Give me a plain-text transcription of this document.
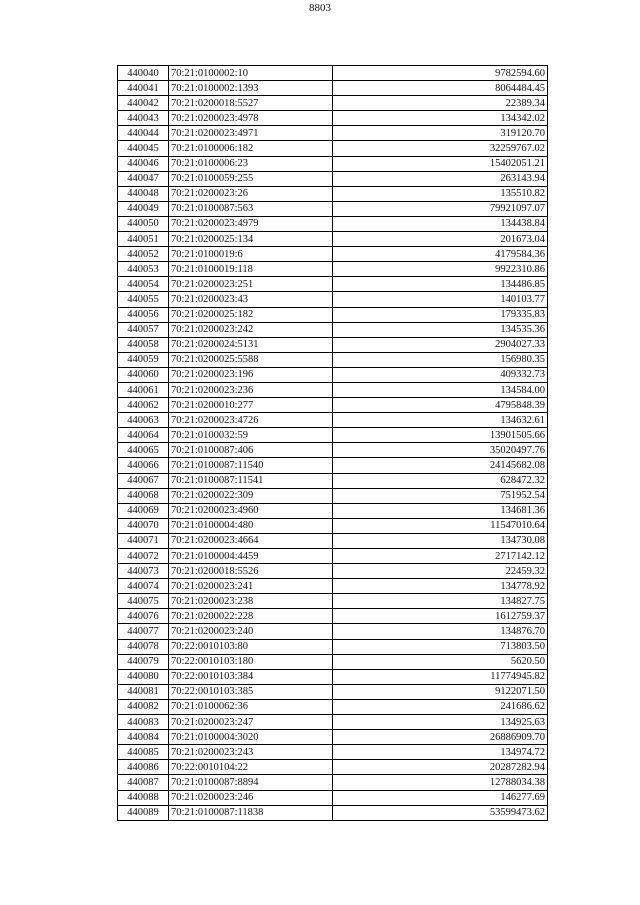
8803
440040	70:21:0100002:10	9782594.60
440041	70:21:0100002:1393	8064484.45
440042	70:21:0200018:5527	22389.34
440043	70:21:0200023:4978	134342.02
440044	70:21:0200023:4971	319120.70
440045	70:21:0100006:182	32259767.02
440046	70:21:0100006:23	15402051.21
440047	70:21:0100059:255	263143.94
440048	70:21:0200023:26	135510.82
440049	70:21:0100087:563	79921097.07
440050	70:21:0200023:4979	134438.84
440051	70:21:0200025:134	201673.04
440052	70:21:0100019:6	4179584.36
440053	70:21:0100019:118	9922310.86
440054	70:21:0200023:251	134486.85
440055	70:21:0200023:43	140103.77
440056	70:21:0200025:182	179335.83
440057	70:21:0200023:242	134535.36
440058	70:21:0200024:5131	2904027.33
440059	70:21:0200025:5588	156980.35
440060	70:21:0200023:196	409332.73
440061	70:21:0200023:236	134584.00
440062	70:21:0200010:277	4795848.39
440063	70:21:0200023:4726	134632.61
440064	70:21:0100032:59	13901505.66
440065	70:21:0100087:406	35020497.76
440066	70:21:0100087:11540	24145682.08
440067	70:21:0100087:11541	628472.32
440068	70:21:0200022:309	751952.54
440069	70:21:0200023:4960	134681.36
440070	70:21:0100004:480	11547010.64
440071	70:21:0200023:4664	134730.08
440072	70:21:0100004:4459	2717142.12
440073	70:21:0200018:5526	22459.32
440074	70:21:0200023:241	134778.92
440075	70:21:0200023:238	134827.75
440076	70:21:0200022:228	1612759.37
440077	70:21:0200023:240	134876.70
440078	70:22:0010103:80	713803.50
440079	70:22:0010103:180	5620.50
440080	70:22:0010103:384	11774945.82
440081	70:22:0010103:385	9122071.50
440082	70:21:0100062:36	241686.62
440083	70:21:0200023:247	134925.63
440084	70:21:0100004:3020	26886909.70
440085	70:21:0200023:243	134974.72
440086	70:22:0010104:22	20287282.94
440087	70:21:0100087:8894	12788034.38
440088	70:21:0200023:246	146277.69
440089	70:21:0100087:11838	53599473.62
